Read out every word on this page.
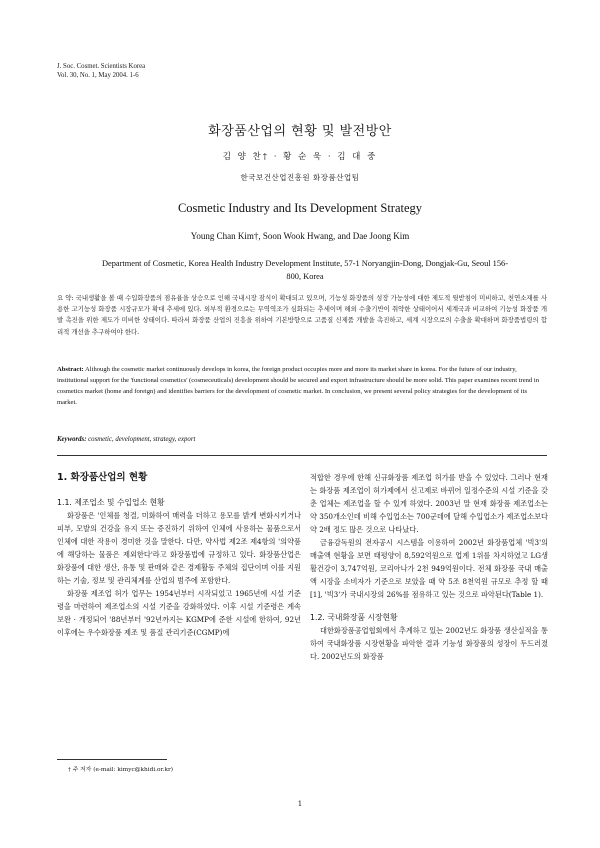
J. Soc. Cosmet. Scientists Korea
Vol. 30, No. 1, May 2004. 1-6
화장품산업의 현황 및 발전방안
김 양 찬† · 황 순 욱 · 김 대 중
한국보건산업진흥원 화장품산업팀
Cosmetic Industry and Its Development Strategy
Young Chan Kim†, Soon Wook Hwang, and Dae Joong Kim
Department of Cosmetic, Korea Health Industry Development Institute, 57-1 Noryangjin-Dong, Dongjak-Gu, Seoul 156-800, Korea
요 약: 국내생활을 볼 때 수입화장품의 점유율을 상승으로 인해 국내시장 잠식이 확대되고 있으며, 기능성 화장품의 성장 가능성에 대한 제도적 뒷받침이 미비하고, 천연소재를 사용한 고기능성 화장품 시장규모가 확대 추세에 있다. 외부적 환경으로는 무역역조가 심화되는 추세이며 해외 수출기반이 취약한 상태이어서 세계국과 비교하여 기능성 화장품 개발 촉진을 위한 제도가 미비한 상태이다. 따라서 화장품 산업의 진흥을 위하여 기본방향으로 고품질 신제품 개발을 촉진하고, 세계 시장으로의 수출을 확대하며 화장품법령의 합리적 개선을 추구하여야 한다.
Abstract: Although the cosmetic market continuously develops in korea, the foreign product occupies more and more its market share in korea. For the future of our industry, institutional support for the 'functional cosmetics' (cosmeceuticals) development should be secured and export infrastructure should be more solid. This paper examines recent trend in cosmetics market (home and foreign) and identifies barriers for the development of cosmetic market. In conclusion, we present several policy strategies for the development of its market.
Keywords: cosmetic, development, strategy, export
1. 화장품산업의 현황
1.1. 제조업소 및 수입업소 현황

화장품은 '인체를 청결, 미화하여 매력을 더하고 용모를 밝게 변화시키거나 피부, 모발의 건강을 유지 또는 증진하기 위하여 인체에 사용하는 물품으로서 인체에 대한 작용이 경미한 것을 말한다. 다만, 약사법 제2조 제4항의 '의약품에 해당하는 물품은 제외한다'라고 화장품법에 규정하고 있다. 화장품산업은 화장품에 대한 생산, 유통 및 판매와 같은 경제활동 주체의 집단이며 이를 지원하는 기술, 정보 및 관리체계를 산업의 범주에 포함한다.

화장품 제조업 허가 업무는 1954년부터 시작되었고 1965년에 시설 기준령을 마련하여 제조업소의 시설 기준을 강화하였다. 이후 시설 기준령은 계속 보완 · 개정되어 '88년부터 '92년까지는 KGMP에 준한 시설에 한하여, 92년 이후에는 우수화장품 제조 및 품질 관리기준(CGMP)에

적합한 경우에 한해 신규화장품 제조업 허가를 받을 수 있었다. 그러나 현재는 화장품 제조업이 허가제에서 신고제로 바뀌어 일정수준의 시설 기준을 갖춘 업체는 제조업을 할 수 있게 하였다. 2003년 말 현재 화장품 제조업소는 약 350개소인데 비해 수입업소는 700군데에 달해 수입업소가 제조업소보다 약 2배 정도 많은 것으로 나타났다.

금융감독원의 전자공시 시스템을 이용하여 2002년 화장품업체 '빅3'의 매출액 현황을 보면 태평양이 8,592억원으로 업계 1위를 차지하였고 LG생활건강이 3,747억원, 코리아나가 2천 949억원이다. 전체 화장품 국내 매출액 시장을 소비자가 기준으로 보았을 때 약 5조 8천억원 규모로 추정 할 때[1], '빅3'가 국내시장의 26%를 점유하고 있는 것으로 파악된다(Table 1).

1.2. 국내화장품 시장현황

대한화장품공업협회에서 추계하고 있는 2002년도 화장품 생산실적을 통하여 국내화장품 시장현황을 파악한 결과 기능성 화장품의 성장이 두드러졌다. 2002년도의 화장품

† 주 저자 (e-mail: kimyc@khidi.or.kr)
1
